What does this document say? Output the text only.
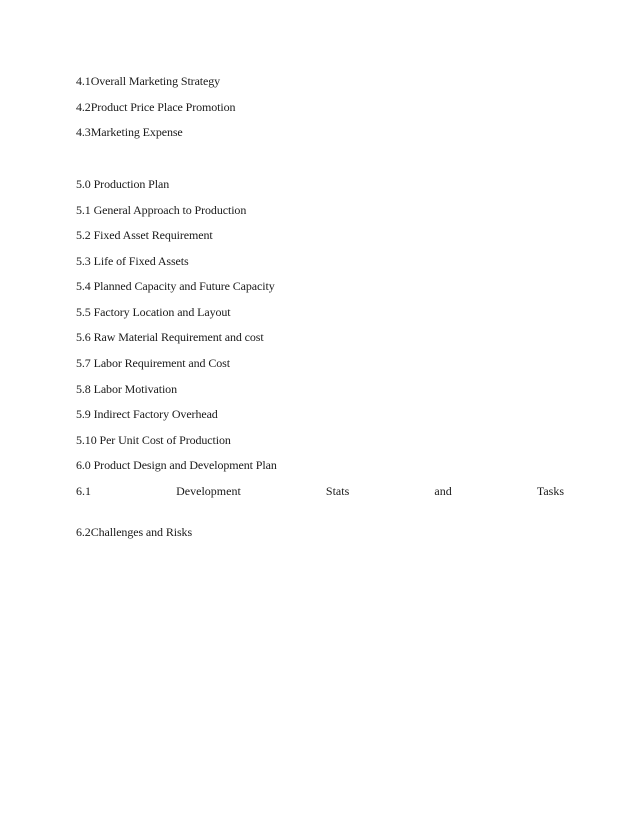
4.1Overall Marketing Strategy
4.2Product Price Place Promotion
4.3Marketing Expense
5.0 Production Plan
5.1 General Approach to Production
5.2 Fixed Asset Requirement
5.3 Life of Fixed Assets
5.4 Planned Capacity and Future Capacity
5.5 Factory Location and Layout
5.6 Raw Material Requirement and cost
5.7 Labor Requirement and Cost
5.8 Labor Motivation
5.9 Indirect Factory Overhead
5.10 Per Unit Cost of Production
6.0 Product Design and Development Plan
6.1	Development	Stats	and	Tasks
6.2Challenges and Risks
